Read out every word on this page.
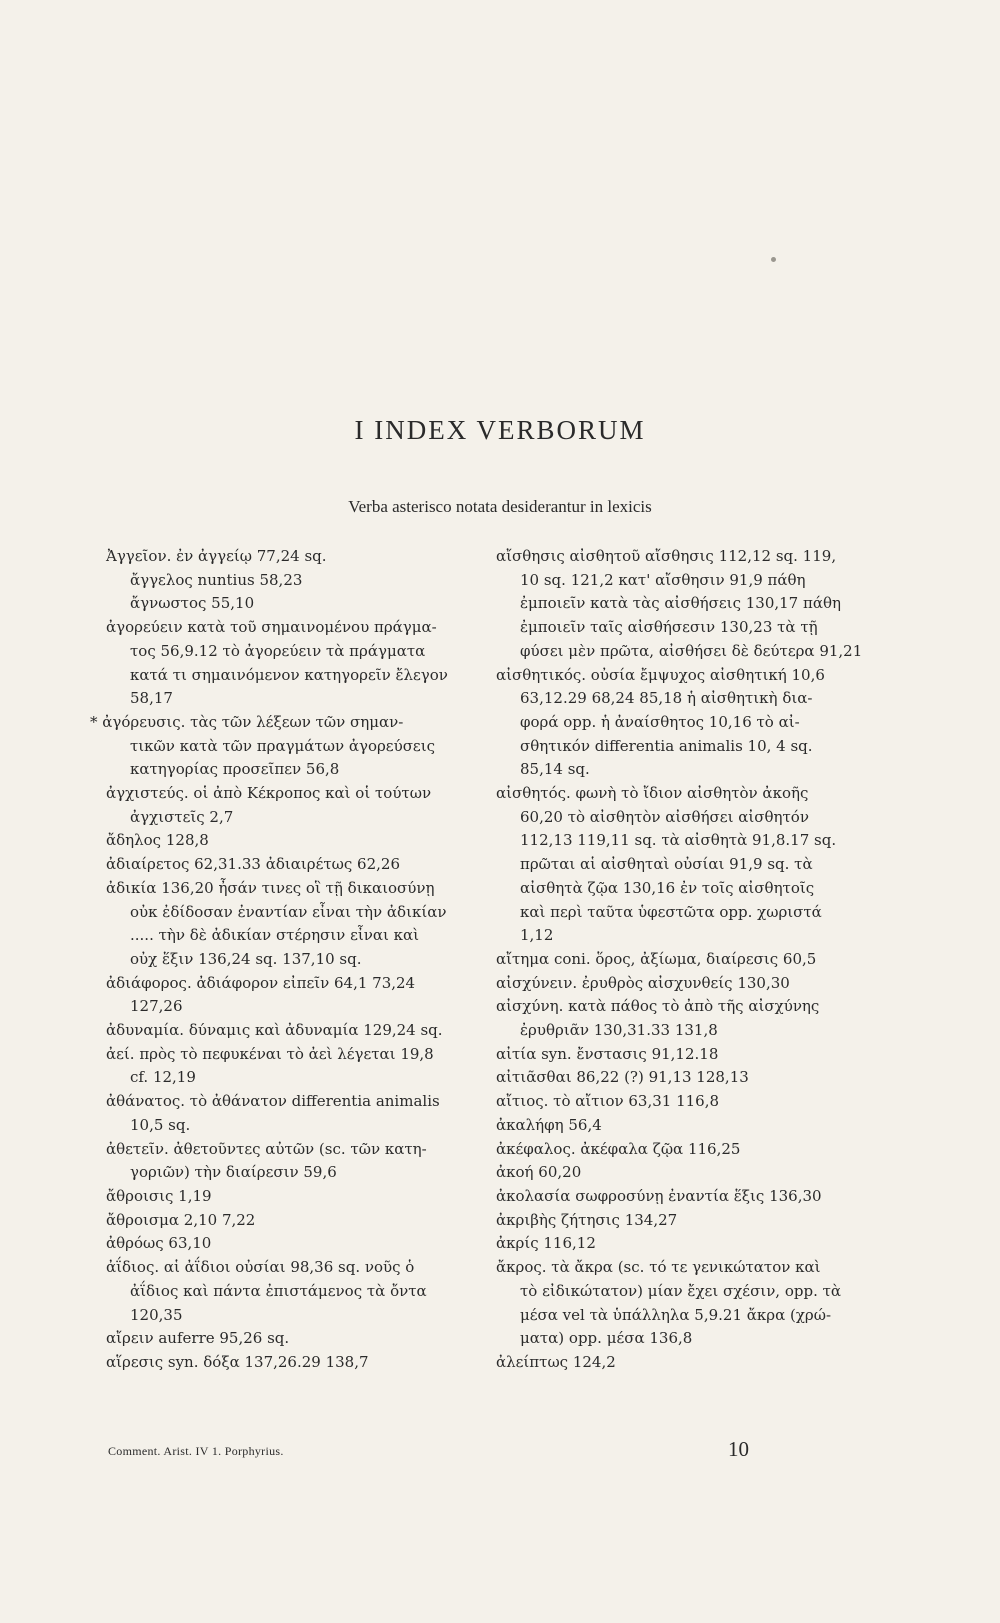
I INDEX VERBORUM
Verba asterisco notata desiderantur in lexicis
Ἀγγεῖον. ἐν ἀγγείῳ 77,24 sq.
ἄγγελος nuntius 58,23
ἄγνωστος 55,10
ἀγορεύειν κατὰ τοῦ σημαινομένου πράγμα-
τος 56,9.12 τὸ ἀγορεύειν τὰ πράγματα
κατά τι σημαινόμενον κατηγορεῖν ἔλεγον
58,17
* ἀγόρευσις. τὰς τῶν λέξεων τῶν σημαν-
τικῶν κατὰ τῶν πραγμάτων ἀγορεύσεις
κατηγορίας προσεῖπεν 56,8
ἀγχιστεύς. οἱ ἀπὸ Κέκροπος καὶ οἱ τούτων
ἀγχιστεῖς 2,7
ἄδηλος 128,8
ἀδιαίρετος 62,31.33 ἀδιαιρέτως 62,26
ἀδικία 136,20 ἦσάν τινες οἳ τῇ δικαιοσύνῃ
οὐκ ἐδίδοσαν ἐναντίαν εἶναι τὴν ἀδικίαν
..... τὴν δὲ ἀδικίαν στέρησιν εἶναι καὶ
οὐχ ἕξιν 136,24 sq. 137,10 sq.
ἀδιάφορος. ἀδιάφορον εἰπεῖν 64,1 73,24
127,26
ἀδυναμία. δύναμις καὶ ἀδυναμία 129,24 sq.
ἀεί. πρὸς τὸ πεφυκέναι τὸ ἀεὶ λέγεται 19,8
cf. 12,19
ἀθάνατος. τὸ ἀθάνατον differentia animalis
10,5 sq.
ἀθετεῖν. ἀθετοῦντες αὐτῶν (sc. τῶν κατη-
γοριῶν) τὴν διαίρεσιν 59,6
ἄθροισις 1,19
ἄθροισμα 2,10 7,22
ἀθρόως 63,10
ἀΐδιος. αἱ ἀΐδιοι οὐσίαι 98,36 sq. νοῦς ὁ
ἀΐδιος καὶ πάντα ἐπιστάμενος τὰ ὄντα
120,35
αἴρειν auferre 95,26 sq.
αἵρεσις syn. δόξα 137,26.29 138,7
αἴσθησις αἰσθητοῦ αἴσθησις 112,12 sq. 119,
10 sq. 121,2 κατ' αἴσθησιν 91,9 πάθη
ἐμποιεῖν κατὰ τὰς αἰσθήσεις 130,17 πάθη
ἐμποιεῖν ταῖς αἰσθήσεσιν 130,23 τὰ τῇ
φύσει μὲν πρῶτα, αἰσθήσει δὲ δεύτερα 91,21
αἰσθητικός. οὐσία ἔμψυχος αἰσθητική 10,6
63,12.29 68,24 85,18 ἡ αἰσθητικὴ δια-
φορά opp. ἡ ἀναίσθητος 10,16 τὸ αἰ-
σθητικόν differentia animalis 10, 4 sq.
85,14 sq.
αἰσθητός. φωνὴ τὸ ἴδιον αἰσθητὸν ἀκοῆς
60,20 τὸ αἰσθητὸν αἰσθήσει αἰσθητόν
112,13 119,11 sq. τὰ αἰσθητὰ 91,8.17 sq.
πρῶται αἱ αἰσθηταὶ οὐσίαι 91,9 sq. τὰ
αἰσθητὰ ζῷα 130,16 ἐν τοῖς αἰσθητοῖς
καὶ περὶ ταῦτα ὑφεστῶτα opp. χωριστά
1,12
αἴτημα coni. ὅρος, ἀξίωμα, διαίρεσις 60,5
αἰσχύνειν. ἐρυθρὸς αἰσχυνθείς 130,30
αἰσχύνη. κατὰ πάθος τὸ ἀπὸ τῆς αἰσχύνης
ἐρυθριᾶν 130,31.33 131,8
αἰτία syn. ἔνστασις 91,12.18
αἰτιᾶσθαι 86,22 (?) 91,13 128,13
αἴτιος. τὸ αἴτιον 63,31 116,8
ἀκαλήφη 56,4
ἀκέφαλος. ἀκέφαλα ζῷα 116,25
ἀκοή 60,20
ἀκολασία σωφροσύνῃ ἐναντία ἕξις 136,30
ἀκριβὴς ζήτησις 134,27
ἀκρίς 116,12
ἄκρος. τὰ ἄκρα (sc. τό τε γενικώτατον καὶ
τὸ εἰδικώτατον) μίαν ἔχει σχέσιν, opp. τὰ
μέσα vel τὰ ὑπάλληλα 5,9.21 ἄκρα (χρώ-
ματα) opp. μέσα 136,8
ἀλείπτως 124,2
Comment. Arist. IV 1. Porphyrius.	10
